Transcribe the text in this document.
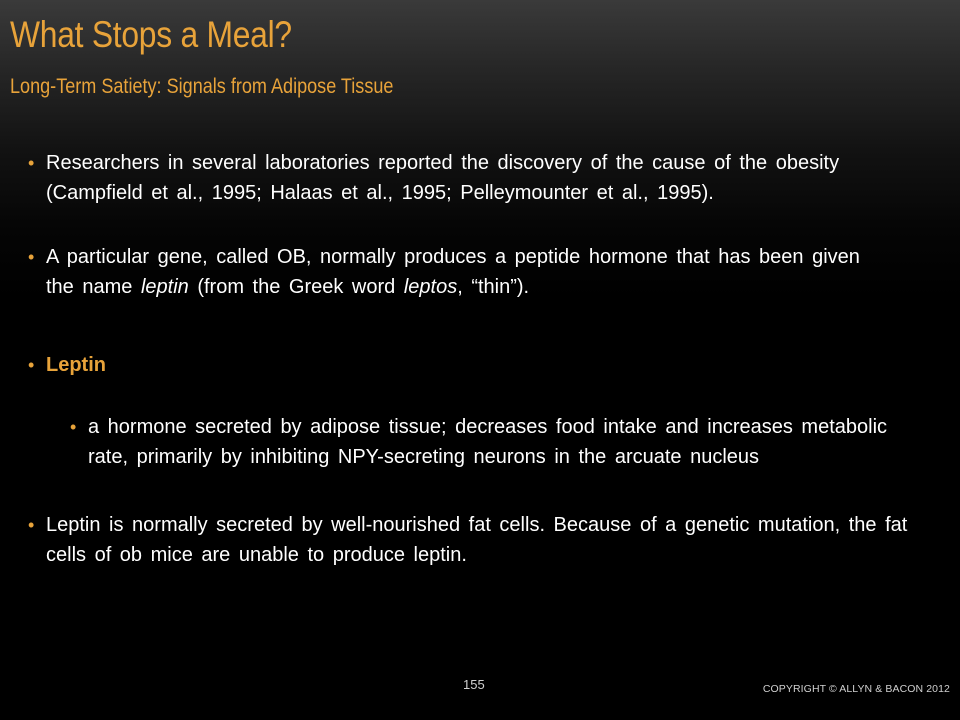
What Stops a Meal?
Long-Term Satiety: Signals from Adipose Tissue
• Researchers in several laboratories reported the discovery of the cause of the obesity (Campfield et al., 1995; Halaas et al., 1995; Pelleymounter et al., 1995).
• A particular gene, called OB, normally produces a peptide hormone that has been given
the name leptin (from the Greek word leptos, “thin”).
• Leptin
• a hormone secreted by adipose tissue; decreases food intake and increases metabolic rate, primarily by inhibiting NPY-secreting neurons in the arcuate nucleus
• Leptin is normally secreted by well-nourished fat cells. Because of a genetic mutation, the fat cells of ob mice are unable to produce leptin.
155	COPYRIGHT © ALLYN & BACON 2012
